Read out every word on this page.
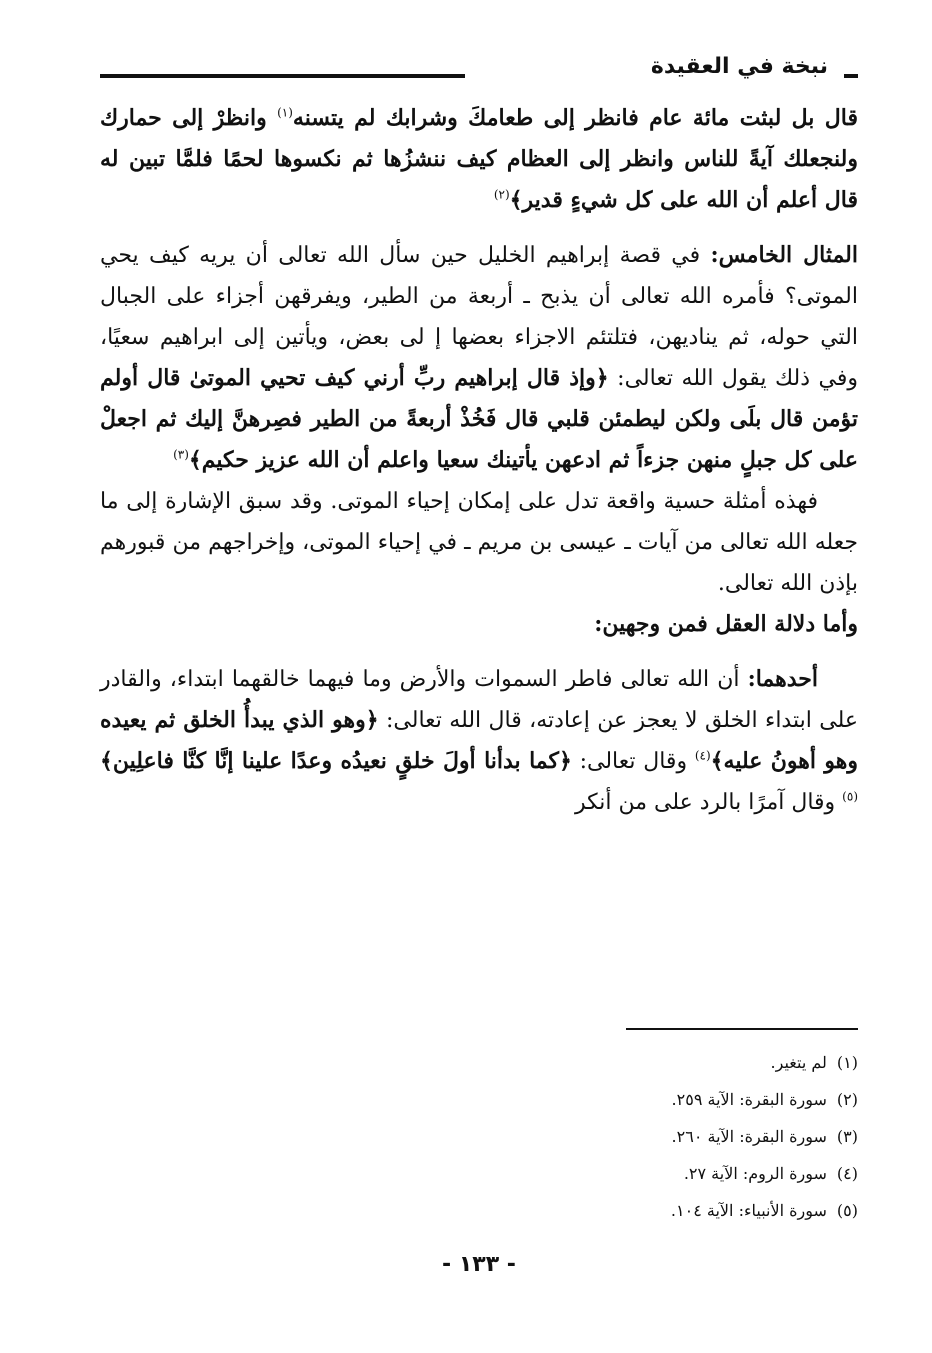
نبخة في العقيدة

قال بل لبثت مائة عام فانظر إلى طعامكَ وشرابك لم يتسنه$^{(١)}$ وانظرْ إلى حمارك ولنجعلك آيةً للناس وانظر إلى العظام كيف ننشزُها ثم نكسوها لحمًا فلمَّا تبين له قال أعلم أن الله على كل شيءٍ قدير﴾$^{(٢)}$

المثال الخامس: في قصة إبراهيم الخليل حين سأل الله تعالى أن يريه كيف يحي الموتى؟ فأمره الله تعالى أن يذبح ـ أربعة من الطير، ويفرقهن أجزاء على الجبال التي حوله، ثم يناديهن، فتلتئم الاجزاء بعضها إ لى بعض، ويأتين إلى ابراهيم سعيًا، وفي ذلك يقول الله تعالى: ﴿وإذ قال إبراهيم ربِّ أرني كيف تحيي الموتىٰ قال أولم تؤمن قال بلَى ولكن ليطمئن قلبي قال فَخُذْ أربعةً من الطير فصِرهنَّ إليك ثم اجعلْ على كل جبلٍ منهن جزءاً ثم ادعهن يأتينك سعيا واعلم أن الله عزيز حكيم﴾$^{(٣)}$

فهذه أمثلة حسية واقعة تدل على إمكان إحياء الموتى. وقد سبق الإشارة إلى ما جعله الله تعالى من آيات ـ عيسى بن مريم ـ في إحياء الموتى، وإخراجهم من قبورهم بإذن الله تعالى.

وأما دلالة العقل فمن وجهين:

أحدهما: أن الله تعالى فاطر السموات والأرض وما فيهما خالقهما ابتداء، والقادر على ابتداء الخلق لا يعجز عن إعادته، قال الله تعالى: ﴿وهو الذي يبدأُ الخلق ثم يعيده وهو أهونُ عليه﴾$^{(٤)}$ وقال تعالى: ﴿كما بدأنا أولَ خلقٍ نعيدُه وعدًا علينا إنَّا كنَّا فاعلِين﴾$^{(٥)}$ وقال آمرًا بالرد على من أنكر

(١)لم يتغير.
(٢)سورة البقرة: الآية ٢٥٩.
(٣)سورة البقرة: الآية ٢٦٠.
(٤)سورة الروم: الآية ٢٧.
(٥)سورة الأنبياء: الآية ١٠٤.
- ١٣٣ -
